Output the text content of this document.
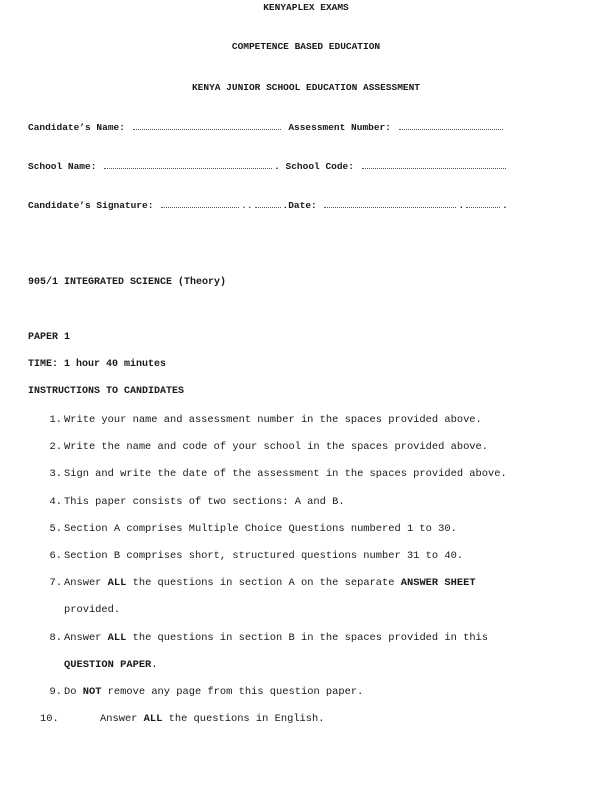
KENYAPLEX EXAMS
COMPETENCE BASED EDUCATION
KENYA JUNIOR SCHOOL EDUCATION ASSESSMENT
Candidate’s Name:	Assessment Number:
School Name:	. School Code:
Candidate’s Signature:	..	.Date:	.	.
905/1 INTEGRATED SCIENCE (Theory)
PAPER 1
TIME: 1 hour 40 minutes
INSTRUCTIONS TO CANDIDATES
1. Write your name and assessment number in the spaces provided above.
2. Write the name and code of your school in the spaces provided above.
3. Sign and write the date of the assessment in the spaces provided above.
4. This paper consists of two sections: A and B.
5. Section A comprises Multiple Choice Questions numbered 1 to 30.
6. Section B comprises short, structured questions number 31 to 40.
7. Answer ALL the questions in section A on the separate ANSWER SHEET
provided.
8. Answer ALL the questions in section B in the spaces provided in this
QUESTION PAPER.
9. Do NOT remove any page from this question paper.
10.	Answer ALL the questions in English.
